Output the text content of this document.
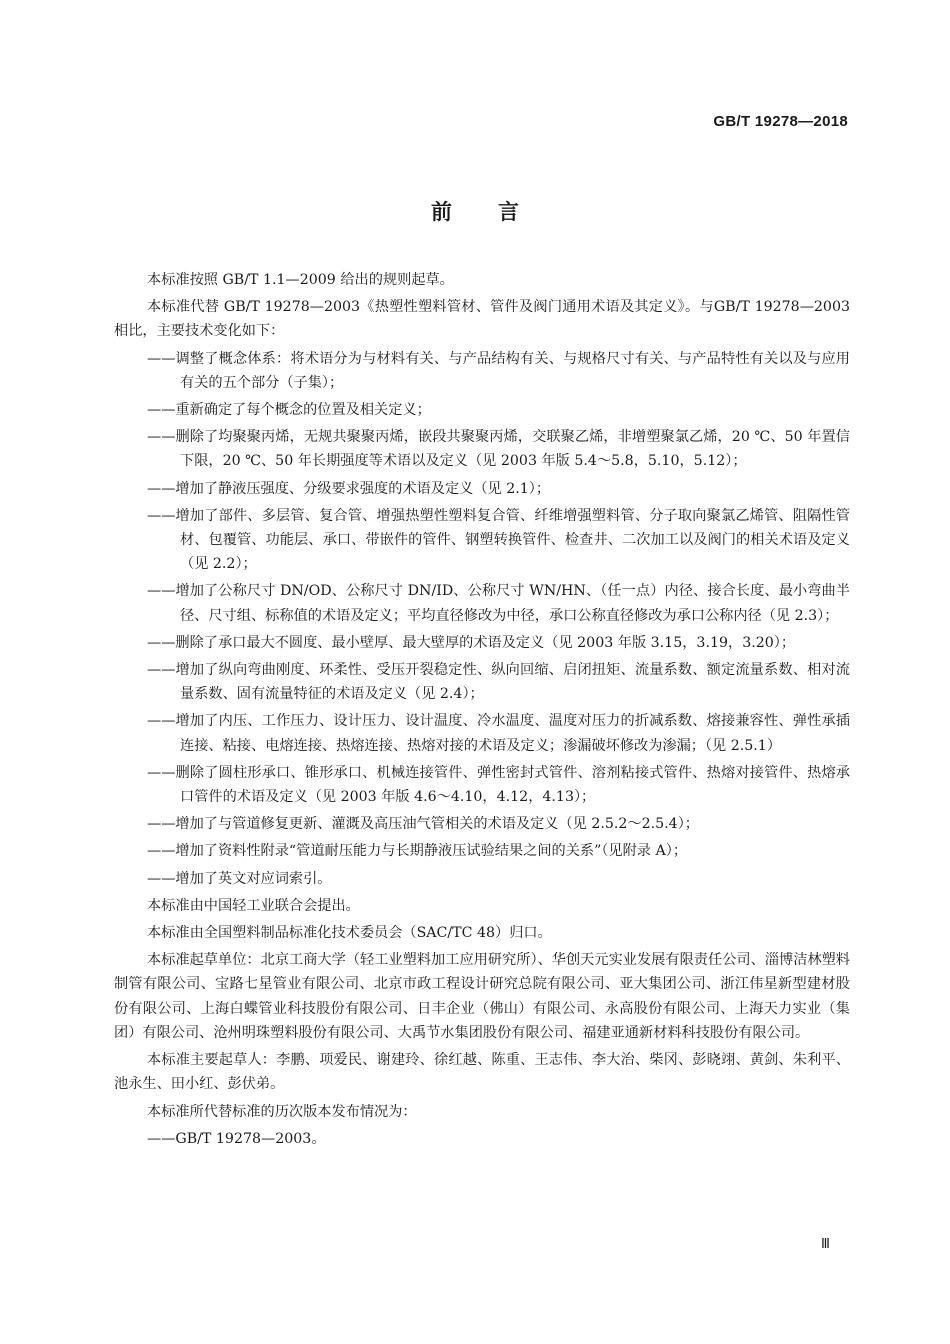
GB/T 19278—2018
前言
本标准按照 GB/T 1.1—2009 给出的规则起草。
本标准代替 GB/T 19278—2003《热塑性塑料管材、管件及阀门通用术语及其定义》。与GB/T 19278—2003 相比，主要技术变化如下：
——调整了概念体系：将术语分为与材料有关、与产品结构有关、与规格尺寸有关、与产品特性有关以及与应用有关的五个部分（子集）；
——重新确定了每个概念的位置及相关定义；
——删除了均聚聚丙烯，无规共聚聚丙烯，嵌段共聚聚丙烯，交联聚乙烯，非增塑聚氯乙烯，20 ℃、50 年置信下限，20 ℃、50 年长期强度等术语以及定义（见 2003 年版 5.4～5.8，5.10，5.12）；
——增加了静液压强度、分级要求强度的术语及定义（见 2.1）；
——增加了部件、多层管、复合管、增强热塑性塑料复合管、纤维增强塑料管、分子取向聚氯乙烯管、阻隔性管材、包覆管、功能层、承口、带嵌件的管件、钢塑转换管件、检查井、二次加工以及阀门的相关术语及定义（见 2.2）；
——增加了公称尺寸 DN/OD、公称尺寸 DN/ID、公称尺寸 WN/HN、（任一点）内径、接合长度、最小弯曲半径、尺寸组、标称值的术语及定义；平均直径修改为中径，承口公称直径修改为承口公称内径（见 2.3）；
——删除了承口最大不圆度、最小壁厚、最大壁厚的术语及定义（见 2003 年版 3.15，3.19，3.20）；
——增加了纵向弯曲刚度、环柔性、受压开裂稳定性、纵向回缩、启闭扭矩、流量系数、额定流量系数、相对流量系数、固有流量特征的术语及定义（见 2.4）；
——增加了内压、工作压力、设计压力、设计温度、冷水温度、温度对压力的折减系数、熔接兼容性、弹性承插连接、粘接、电熔连接、热熔连接、热熔对接的术语及定义；渗漏破坏修改为渗漏；（见 2.5.1）
——删除了圆柱形承口、锥形承口、机械连接管件、弹性密封式管件、溶剂粘接式管件、热熔对接管件、热熔承口管件的术语及定义（见 2003 年版 4.6～4.10，4.12，4.13）；
——增加了与管道修复更新、灌溉及高压油气管相关的术语及定义（见 2.5.2～2.5.4）；
——增加了资料性附录“管道耐压能力与长期静液压试验结果之间的关系”（见附录 A）；
——增加了英文对应词索引。
本标准由中国轻工业联合会提出。
本标准由全国塑料制品标准化技术委员会（SAC/TC 48）归口。
本标准起草单位：北京工商大学（轻工业塑料加工应用研究所）、华创天元实业发展有限责任公司、淄博洁林塑料制管有限公司、宝路七星管业有限公司、北京市政工程设计研究总院有限公司、亚大集团公司、浙江伟星新型建材股份有限公司、上海白蝶管业科技股份有限公司、日丰企业（佛山）有限公司、永高股份有限公司、上海天力实业（集团）有限公司、沧州明珠塑料股份有限公司、大禹节水集团股份有限公司、福建亚通新材料科技股份有限公司。
本标准主要起草人：李鹏、项爱民、谢建玲、徐红越、陈重、王志伟、李大治、柴冈、彭晓翊、黄剑、朱利平、池永生、田小红、彭伏弟。
本标准所代替标准的历次版本发布情况为：
——GB/T 19278—2003。
Ⅲ
